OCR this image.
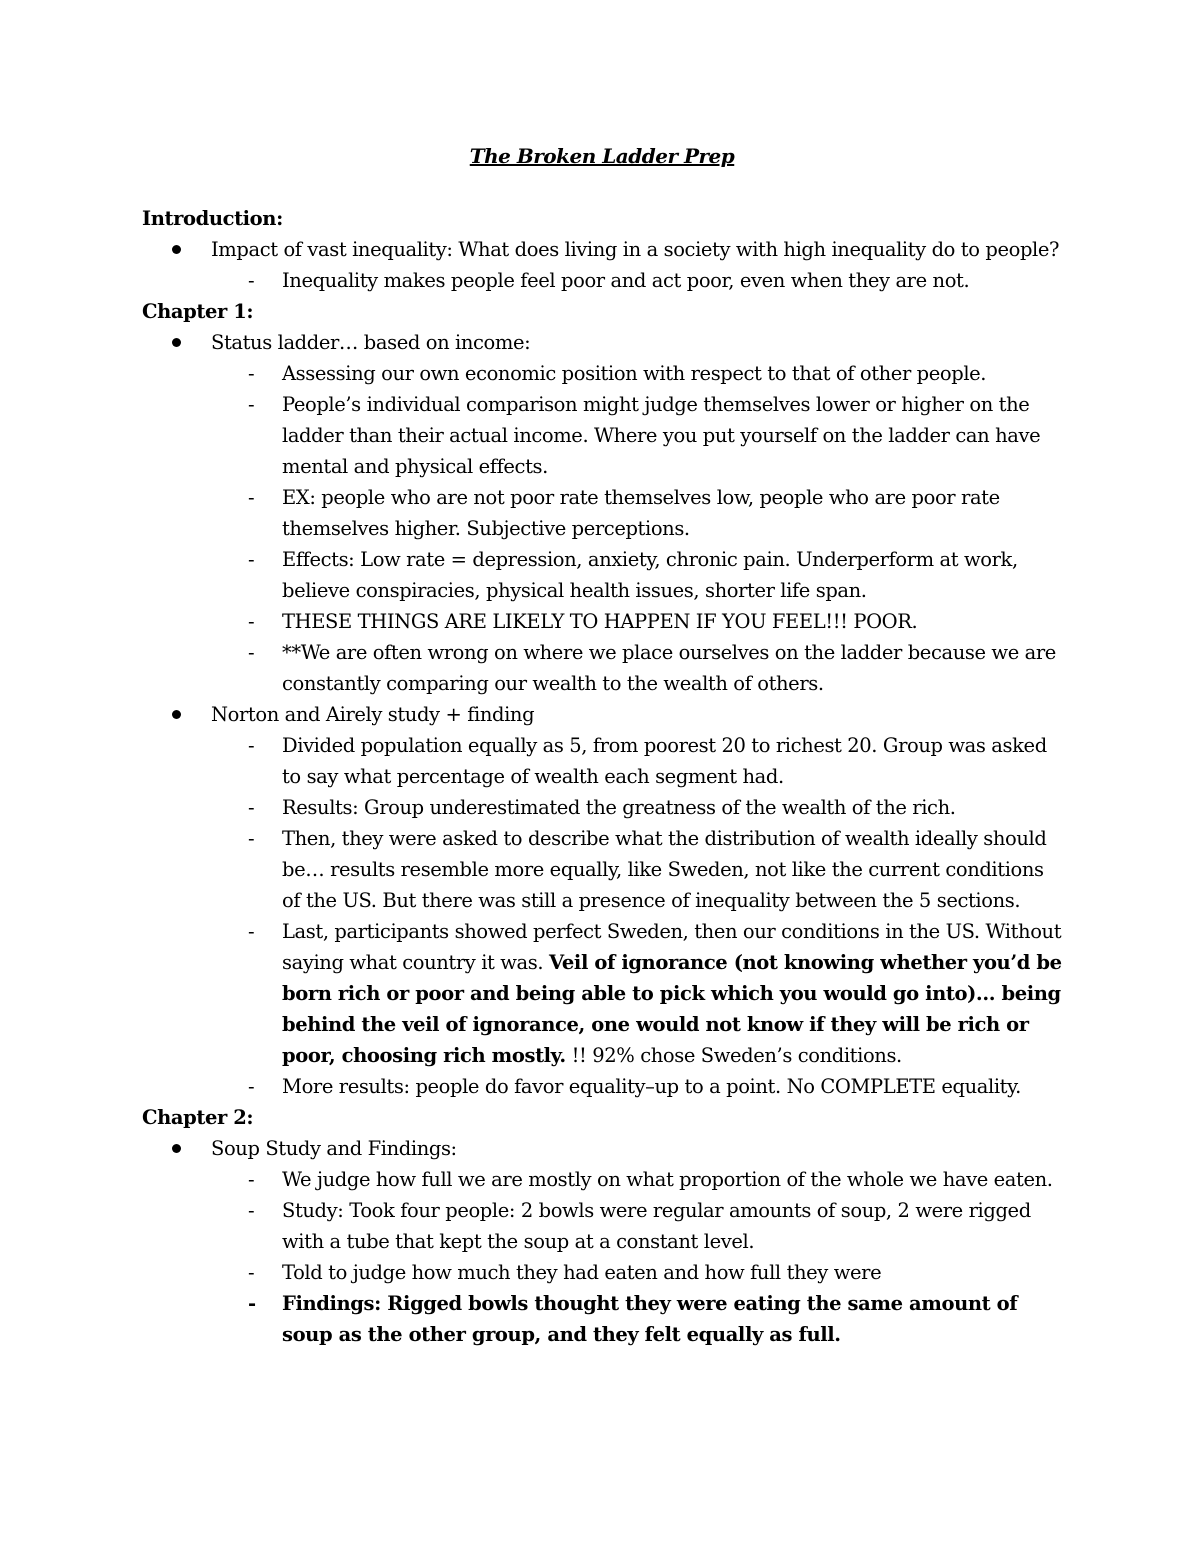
The Broken Ladder Prep
Introduction:
Impact of vast inequality: What does living in a society with high inequality do to people?
- Inequality makes people feel poor and act poor, even when they are not.
Chapter 1:
Status ladder… based on income:
- Assessing our own economic position with respect to that of other people.
- People’s individual comparison might judge themselves lower or higher on the ladder than their actual income. Where you put yourself on the ladder can have mental and physical effects.
- EX: people who are not poor rate themselves low, people who are poor rate themselves higher. Subjective perceptions.
- Effects: Low rate = depression, anxiety, chronic pain. Underperform at work, believe conspiracies, physical health issues, shorter life span.
- THESE THINGS ARE LIKELY TO HAPPEN IF YOU FEEL!!! POOR.
- **We are often wrong on where we place ourselves on the ladder because we are constantly comparing our wealth to the wealth of others.
Norton and Airely study + finding
- Divided population equally as 5, from poorest 20 to richest 20. Group was asked to say what percentage of wealth each segment had.
- Results: Group underestimated the greatness of the wealth of the rich.
- Then, they were asked to describe what the distribution of wealth ideally should be… results resemble more equally, like Sweden, not like the current conditions of the US. But there was still a presence of inequality between the 5 sections.
- Last, participants showed perfect Sweden, then our conditions in the US. Without saying what country it was. Veil of ignorance (not knowing whether you’d be born rich or poor and being able to pick which you would go into)... being behind the veil of ignorance, one would not know if they will be rich or poor, choosing rich mostly. !! 92% chose Sweden’s conditions.
- More results: people do favor equality–up to a point. No COMPLETE equality.
Chapter 2:
Soup Study and Findings:
- We judge how full we are mostly on what proportion of the whole we have eaten.
- Study: Took four people: 2 bowls were regular amounts of soup, 2 were rigged with a tube that kept the soup at a constant level.
- Told to judge how much they had eaten and how full they were
- Findings: Rigged bowls thought they were eating the same amount of soup as the other group, and they felt equally as full.
